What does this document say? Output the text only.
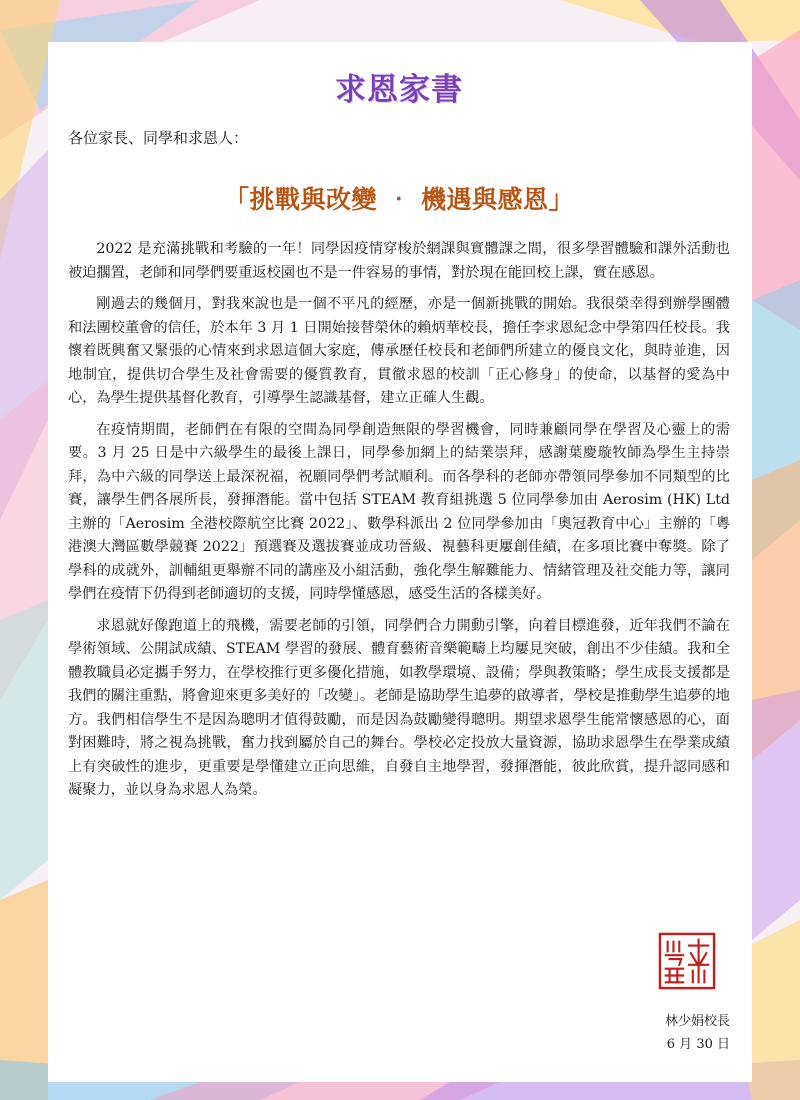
求恩家書
各位家長、同學和求恩人：
「挑戰與改變 ‧ 機遇與感恩」

2022 是充滿挑戰和考驗的一年！同學因疫情穿梭於網課與實體課之間，很多學習體驗和課外活動也被迫擱置，老師和同學們要重返校園也不是一件容易的事情，對於現在能回校上課，實在感恩。

剛過去的幾個月，對我來說也是一個不平凡的經歷，亦是一個新挑戰的開始。我很榮幸得到辦學團體和法團校董會的信任，於本年 3 月 1 日開始接替榮休的賴炳華校長，擔任李求恩紀念中學第四任校長。我懷着既興奮又緊張的心情來到求恩這個大家庭，傳承歷任校長和老師們所建立的優良文化，與時並進，因地制宜，提供切合學生及社會需要的優質教育，貫徹求恩的校訓「正心修身」的使命，以基督的愛為中心，為學生提供基督化教育，引導學生認識基督，建立正確人生觀。

在疫情期間，老師們在有限的空間為同學創造無限的學習機會，同時兼顧同學在學習及心靈上的需要。3 月 25 日是中六級學生的最後上課日，同學參加網上的結業崇拜，感謝葉慶璇牧師為學生主持崇拜，為中六級的同學送上最深祝福，祝願同學們考試順利。而各學科的老師亦帶領同學參加不同類型的比賽，讓學生們各展所長，發揮潛能。當中包括 STEAM 教育組挑選 5 位同學參加由 Aerosim (HK) Ltd 主辦的「Aerosim 全港校際航空比賽 2022」、數學科派出 2 位同學參加由「奧冠教育中心」主辦的「粵港澳大灣區數學競賽 2022」預選賽及選拔賽並成功晉級、視藝科更屢創佳績，在多項比賽中奪獎。除了學科的成就外，訓輔組更舉辦不同的講座及小組活動，強化學生解難能力、情緒管理及社交能力等，讓同學們在疫情下仍得到老師適切的支援，同時學懂感恩，感受生活的各樣美好。

求恩就好像跑道上的飛機，需要老師的引領，同學們合力開動引擎，向着目標進發，近年我們不論在學術領域、公開試成績、STEAM 學習的發展、體育藝術音樂範疇上均屢見突破，創出不少佳績。我和全體教職員必定攜手努力，在學校推行更多優化措施，如教學環境、設備；學與教策略；學生成長支援都是我們的關注重點，將會迎來更多美好的「改變」。老師是協助學生追夢的啟導者，學校是推動學生追夢的地方。我們相信學生不是因為聰明才值得鼓勵，而是因為鼓勵變得聰明。期望求恩學生能常懷感恩的心，面對困難時，將之視為挑戰，奮力找到屬於自己的舞台。學校必定投放大量資源，協助求恩學生在學業成績上有突破性的進步，更重要是學懂建立正向思維，自發自主地學習，發揮潛能，彼此欣賞，提升認同感和凝聚力，並以身為求恩人為榮。

林少娟校長
6 月 30 日
